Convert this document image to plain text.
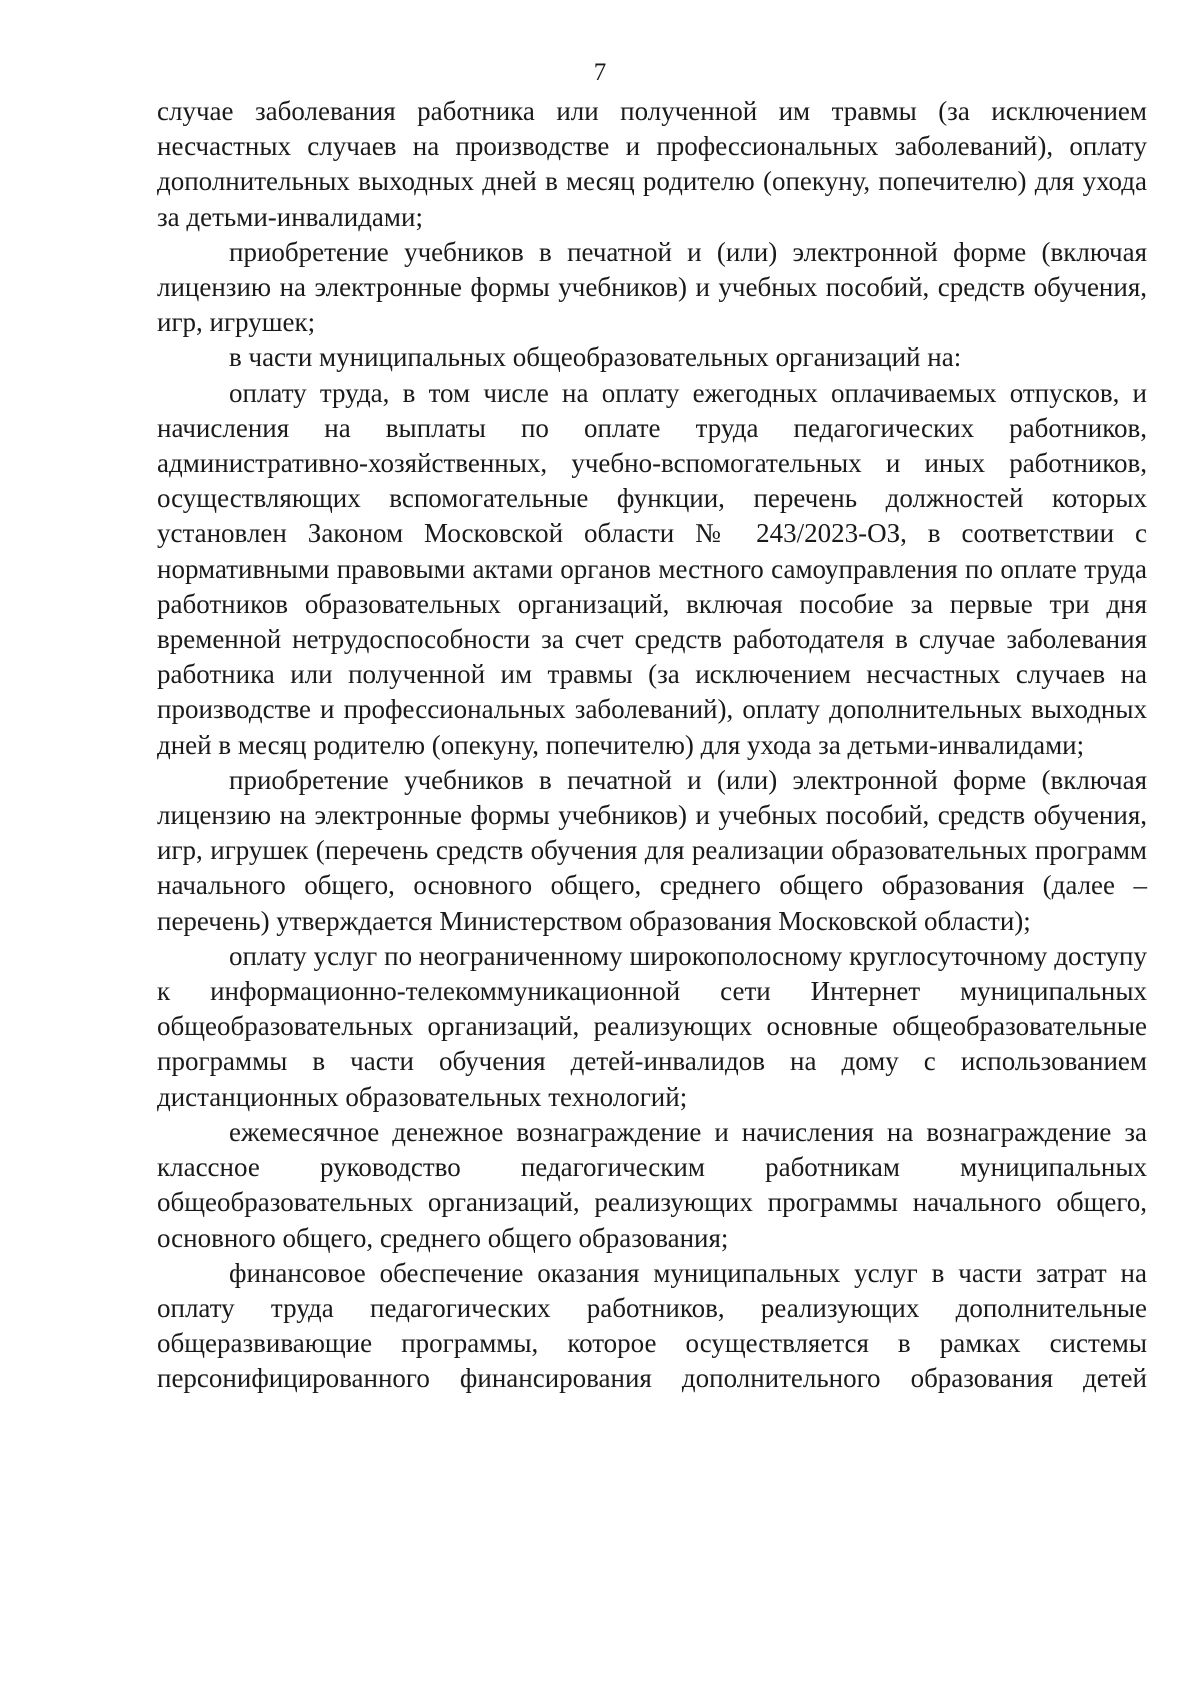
7

случае заболевания работника или полученной им травмы (за исключением несчастных случаев на производстве и профессиональных заболеваний), оплату дополнительных выходных дней в месяц родителю (опекуну, попечителю) для ухода за детьми-инвалидами;

приобретение учебников в печатной и (или) электронной форме (включая лицензию на электронные формы учебников) и учебных пособий, средств обучения, игр, игрушек;

в части муниципальных общеобразовательных организаций на:

оплату труда, в том числе на оплату ежегодных оплачиваемых отпусков, и начисления на выплаты по оплате труда педагогических работников, административно-хозяйственных, учебно-вспомогательных и иных работников, осуществляющих вспомогательные функции, перечень должностей которых установлен Законом Московской области № 243/2023-ОЗ, в соответствии с нормативными правовыми актами органов местного самоуправления по оплате труда работников образовательных организаций, включая пособие за первые три дня временной нетрудоспособности за счет средств работодателя в случае заболевания работника или полученной им травмы (за исключением несчастных случаев на производстве и профессиональных заболеваний), оплату дополнительных выходных дней в месяц родителю (опекуну, попечителю) для ухода за детьми-инвалидами;

приобретение учебников в печатной и (или) электронной форме (включая лицензию на электронные формы учебников) и учебных пособий, средств обучения, игр, игрушек (перечень средств обучения для реализации образовательных программ начального общего, основного общего, среднего общего образования (далее – перечень) утверждается Министерством образования Московской области);

оплату услуг по неограниченному широкополосному круглосуточному доступу к информационно-телекоммуникационной сети Интернет муниципальных общеобразовательных организаций, реализующих основные общеобразовательные программы в части обучения детей-инвалидов на дому с использованием дистанционных образовательных технологий;

ежемесячное денежное вознаграждение и начисления на вознаграждение за классное руководство педагогическим работникам муниципальных общеобразовательных организаций, реализующих программы начального общего, основного общего, среднего общего образования;

финансовое обеспечение оказания муниципальных услуг в части затрат на оплату труда педагогических работников, реализующих дополнительные общеразвивающие программы, которое осуществляется в рамках системы персонифицированного финансирования дополнительного образования детей
